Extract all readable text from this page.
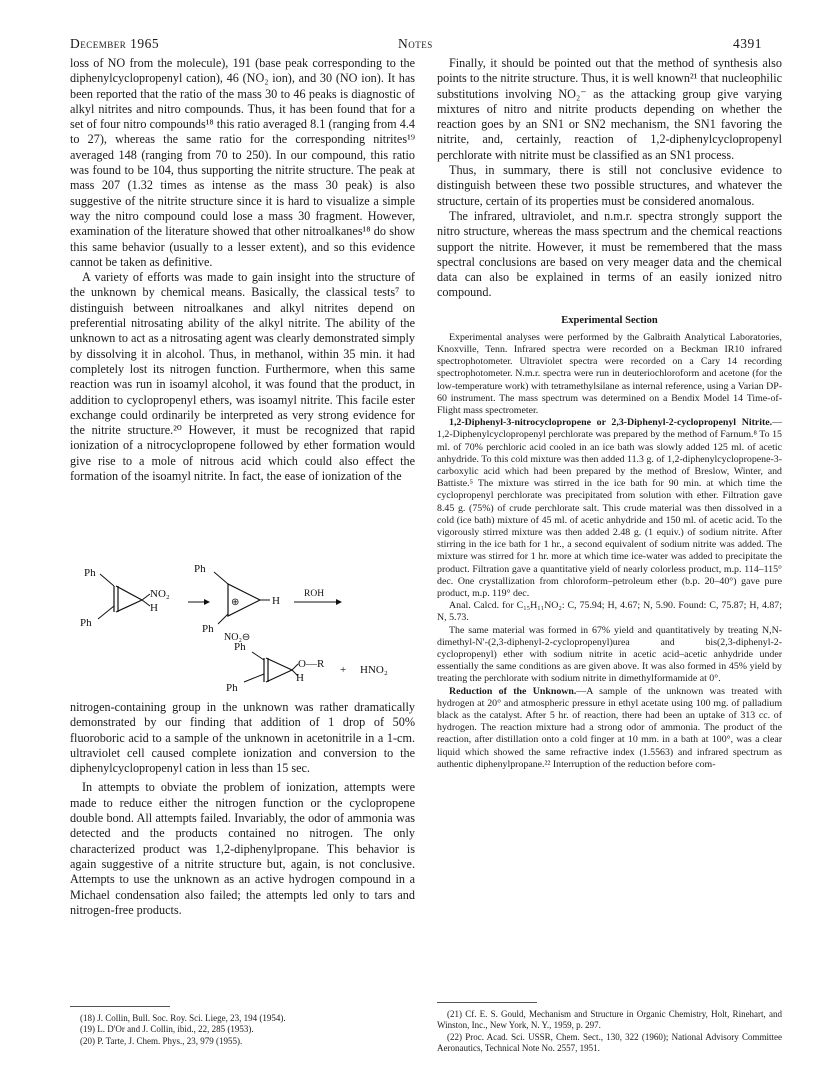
December 1965	Notes	4391

loss of NO from the molecule), 191 (base peak corresponding to the diphenylcyclopropenyl cation), 46 (NO₂ ion), and 30 (NO ion). It has been reported that the ratio of the mass 30 to 46 peaks is diagnostic of alkyl nitrites and nitro compounds. Thus, it has been found that for a set of four nitro compounds¹⁸ this ratio averaged 8.1 (ranging from 4.4 to 27), whereas the same ratio for the corresponding nitrites¹⁹ averaged 148 (ranging from 70 to 250). In our compound, this ratio was found to be 104, thus supporting the nitrite structure. The peak at mass 207 (1.32 times as intense as the mass 30 peak) is also suggestive of the nitrite structure since it is hard to visualize a simple way the nitro compound could lose a mass 30 fragment. However, examination of the literature showed that other nitroalkanes¹⁸ do show this same behavior (usually to a lesser extent), and so this evidence cannot be taken as definitive.

A variety of efforts was made to gain insight into the structure of the unknown by chemical means. Basically, the classical tests⁷ to distinguish between nitroalkanes and alkyl nitrites depend on preferential nitrosating ability of the alkyl nitrite. The ability of the unknown to act as a nitrosating agent was clearly demonstrated simply by dissolving it in alcohol. Thus, in methanol, within 35 min. it had completely lost its nitrogen function. Furthermore, when this same reaction was run in isoamyl alcohol, it was found that the product, in addition to cyclopropenyl ethers, was isoamyl nitrite. This facile ester exchange could ordinarily be interpreted as very strong evidence for the nitrite structure.²⁰ However, it must be recognized that rapid ionization of a nitrocyclopropene followed by ether formation would give rise to a mole of nitrous acid which could also effect the formation of the isoamyl nitrite. In fact, the ease of ionization of the

Ph
Ph
NO₂
H
Ph
Ph
⊕	H
NO₂⊖
ROH
Ph
Ph
O—R
H
+ HNO₂

nitrogen-containing group in the unknown was rather dramatically demonstrated by our finding that addition of 1 drop of 50% fluoroboric acid to a sample of the unknown in acetonitrile in a 1-cm. ultraviolet cell caused complete ionization and conversion to the diphenylcyclopropenyl cation in less than 15 sec.

In attempts to obviate the problem of ionization, attempts were made to reduce either the nitrogen function or the cyclopropene double bond. All attempts failed. Invariably, the odor of ammonia was detected and the products contained no nitrogen. The only characterized product was 1,2-diphenylpropane. This behavior is again suggestive of a nitrite structure but, again, is not conclusive. Attempts to use the unknown as an active hydrogen compound in a Michael condensation also failed; the attempts led only to tars and nitrogen-free products.

(18) J. Collin, Bull. Soc. Roy. Sci. Liege, 23, 194 (1954).

(19) L. D'Or and J. Collin, ibid., 22, 285 (1953).

(20) P. Tarte, J. Chem. Phys., 23, 979 (1955).

Finally, it should be pointed out that the method of synthesis also points to the nitrite structure. Thus, it is well known²¹ that nucleophilic substitutions involving NO₂⁻ as the attacking group give varying mixtures of nitro and nitrite products depending on whether the reaction goes by an SN1 or SN2 mechanism, the SN1 favoring the nitrite, and, certainly, reaction of 1,2-diphenylcyclopropenyl perchlorate with nitrite must be classified as an SN1 process.

Thus, in summary, there is still not conclusive evidence to distinguish between these two possible structures, and whatever the structure, certain of its properties must be considered anomalous.

The infrared, ultraviolet, and n.m.r. spectra strongly support the nitro structure, whereas the mass spectrum and the chemical reactions support the nitrite. However, it must be remembered that the mass spectral conclusions are based on very meager data and the chemical data can also be explained in terms of an easily ionized nitro compound.

Experimental Section

Experimental analyses were performed by the Galbraith Analytical Laboratories, Knoxville, Tenn. Infrared spectra were recorded on a Beckman IR10 infrared spectrophotometer. Ultraviolet spectra were recorded on a Cary 14 recording spectrophotometer. N.m.r. spectra were run in deuteriochloroform and acetone (for the low-temperature work) with tetramethylsilane as internal reference, using a Varian DP-60 instrument. The mass spectrum was determined on a Bendix Model 14 Time-of-Flight mass spectrometer.

1,2-Diphenyl-3-nitrocyclopropene or 2,3-Diphenyl-2-cyclopropenyl Nitrite.—1,2-Diphenylcyclopropenyl perchlorate was prepared by the method of Farnum.⁸ To 15 ml. of 70% perchloric acid cooled in an ice bath was slowly added 125 ml. of acetic anhydride. To this cold mixture was then added 11.3 g. of 1,2-diphenylcyclopropene-3-carboxylic acid which had been prepared by the method of Breslow, Winter, and Battiste.⁵ The mixture was stirred in the ice bath for 90 min. at which time the cyclopropenyl perchlorate was precipitated from solution with ether. Filtration gave 8.45 g. (75%) of crude perchlorate salt. This crude material was then dissolved in a cold (ice bath) mixture of 45 ml. of acetic anhydride and 150 ml. of acetic acid. To the vigorously stirred mixture was then added 2.48 g. (1 equiv.) of sodium nitrite. After stirring in the ice bath for 1 hr., a second equivalent of sodium nitrite was added. The mixture was stirred for 1 hr. more at which time ice-water was added to precipitate the product. Filtration gave a quantitative yield of nearly colorless product, m.p. 114–115° dec. One crystallization from chloroform–petroleum ether (b.p. 20–40°) gave pure product, m.p. 119° dec.

Anal. Calcd. for C₁₅H₁₁NO₂: C, 75.94; H, 4.67; N, 5.90. Found: C, 75.87; H, 4.87; N, 5.73.

The same material was formed in 67% yield and quantitatively by treating N,N-dimethyl-N′-(2,3-diphenyl-2-cyclopropenyl)urea and bis(2,3-diphenyl-2-cyclopropenyl) ether with sodium nitrite in acetic acid–acetic anhydride under essentially the same conditions as are given above. It was also formed in 45% yield by treating the perchlorate with sodium nitrite in dimethylformamide at 0°.

Reduction of the Unknown.—A sample of the unknown was treated with hydrogen at 20° and atmospheric pressure in ethyl acetate using 100 mg. of palladium black as the catalyst. After 5 hr. of reaction, there had been an uptake of 313 cc. of hydrogen. The reaction mixture had a strong odor of ammonia. The product of the reaction, after distillation onto a cold finger at 10 mm. in a bath at 100°, was a clear liquid which showed the same refractive index (1.5563) and infrared spectrum as authentic diphenylpropane.²² Interruption of the reduction before com-

(21) Cf. E. S. Gould, Mechanism and Structure in Organic Chemistry, Holt, Rinehart, and Winston, Inc., New York, N. Y., 1959, p. 297.

(22) Proc. Acad. Sci. USSR, Chem. Sect., 130, 322 (1960); National Advisory Committee Aeronautics, Technical Note No. 2557, 1951.
